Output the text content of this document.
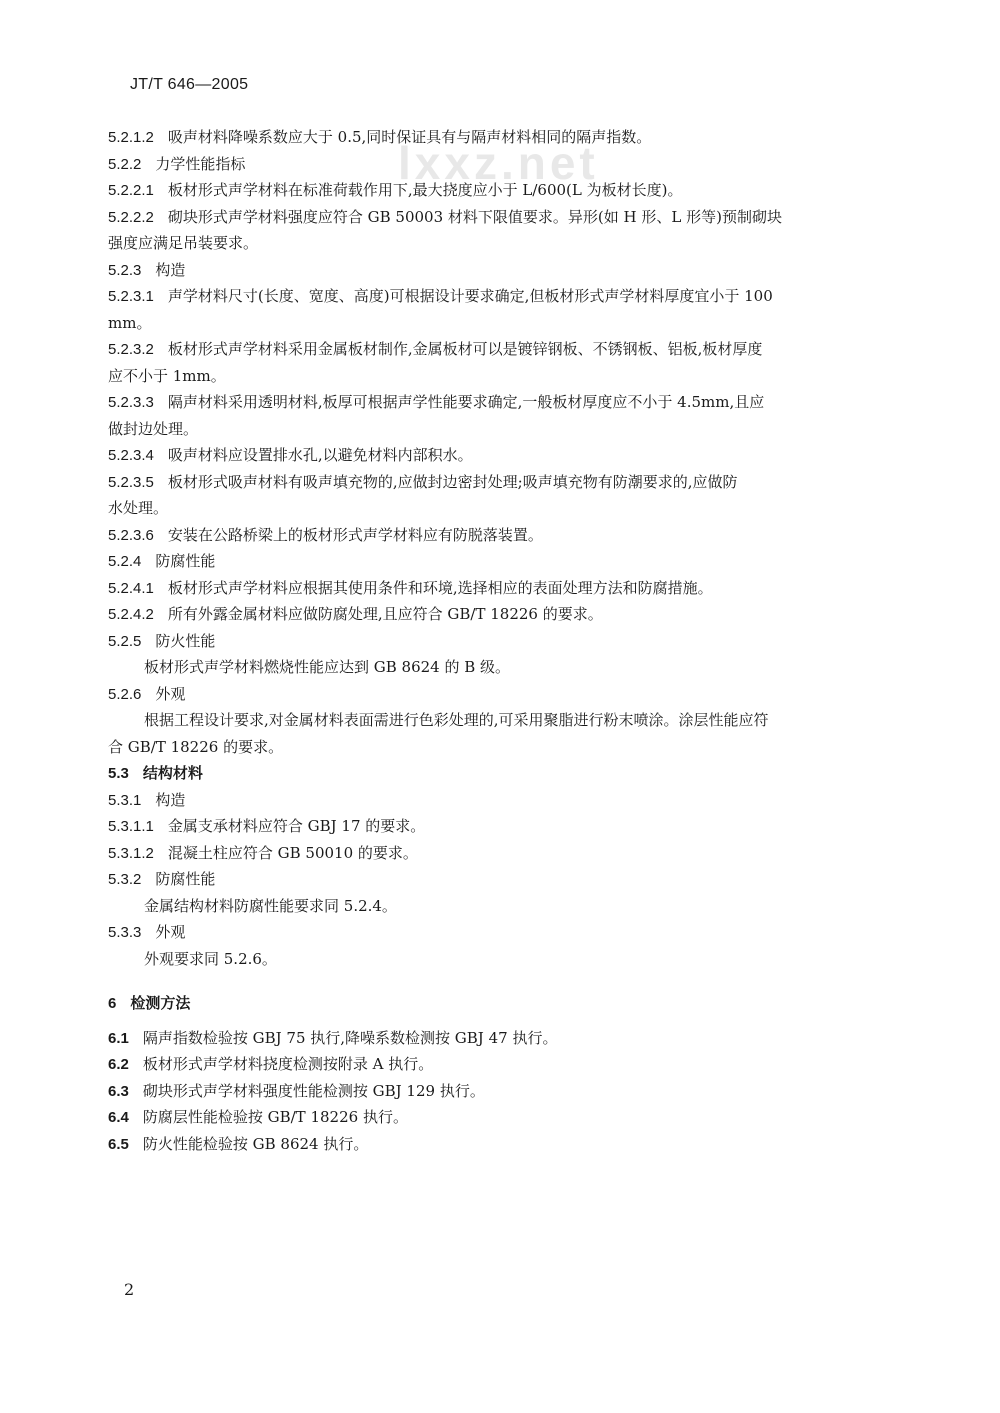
JT/T 646—2005
lxxz.net
5.2.1.2 吸声材料降噪系数应大于 0.5,同时保证具有与隔声材料相同的隔声指数。
5.2.2 力学性能指标
5.2.2.1 板材形式声学材料在标准荷载作用下,最大挠度应小于 L/600(L 为板材长度)。
5.2.2.2 砌块形式声学材料强度应符合 GB 50003 材料下限值要求。异形(如 H 形、L 形等)预制砌块
强度应满足吊装要求。
5.2.3 构造
5.2.3.1 声学材料尺寸(长度、宽度、高度)可根据设计要求确定,但板材形式声学材料厚度宜小于 100
mm。
5.2.3.2 板材形式声学材料采用金属板材制作,金属板材可以是镀锌钢板、不锈钢板、铝板,板材厚度
应不小于 1mm。
5.2.3.3 隔声材料采用透明材料,板厚可根据声学性能要求确定,一般板材厚度应不小于 4.5mm,且应
做封边处理。
5.2.3.4 吸声材料应设置排水孔,以避免材料内部积水。
5.2.3.5 板材形式吸声材料有吸声填充物的,应做封边密封处理;吸声填充物有防潮要求的,应做防
水处理。
5.2.3.6 安装在公路桥梁上的板材形式声学材料应有防脱落装置。
5.2.4 防腐性能
5.2.4.1 板材形式声学材料应根据其使用条件和环境,选择相应的表面处理方法和防腐措施。
5.2.4.2 所有外露金属材料应做防腐处理,且应符合 GB/T 18226 的要求。
5.2.5 防火性能
板材形式声学材料燃烧性能应达到 GB 8624 的 B 级。
5.2.6 外观
根据工程设计要求,对金属材料表面需进行色彩处理的,可采用聚脂进行粉末喷涂。涂层性能应符
合 GB/T 18226 的要求。
5.3 结构材料
5.3.1 构造
5.3.1.1 金属支承材料应符合 GBJ 17 的要求。
5.3.1.2 混凝土柱应符合 GB 50010 的要求。
5.3.2 防腐性能
金属结构材料防腐性能要求同 5.2.4。
5.3.3 外观
外观要求同 5.2.6。
6 检测方法
6.1 隔声指数检验按 GBJ 75 执行,降噪系数检测按 GBJ 47 执行。
6.2 板材形式声学材料挠度检测按附录 A 执行。
6.3 砌块形式声学材料强度性能检测按 GBJ 129 执行。
6.4 防腐层性能检验按 GB/T 18226 执行。
6.5 防火性能检验按 GB 8624 执行。
2
